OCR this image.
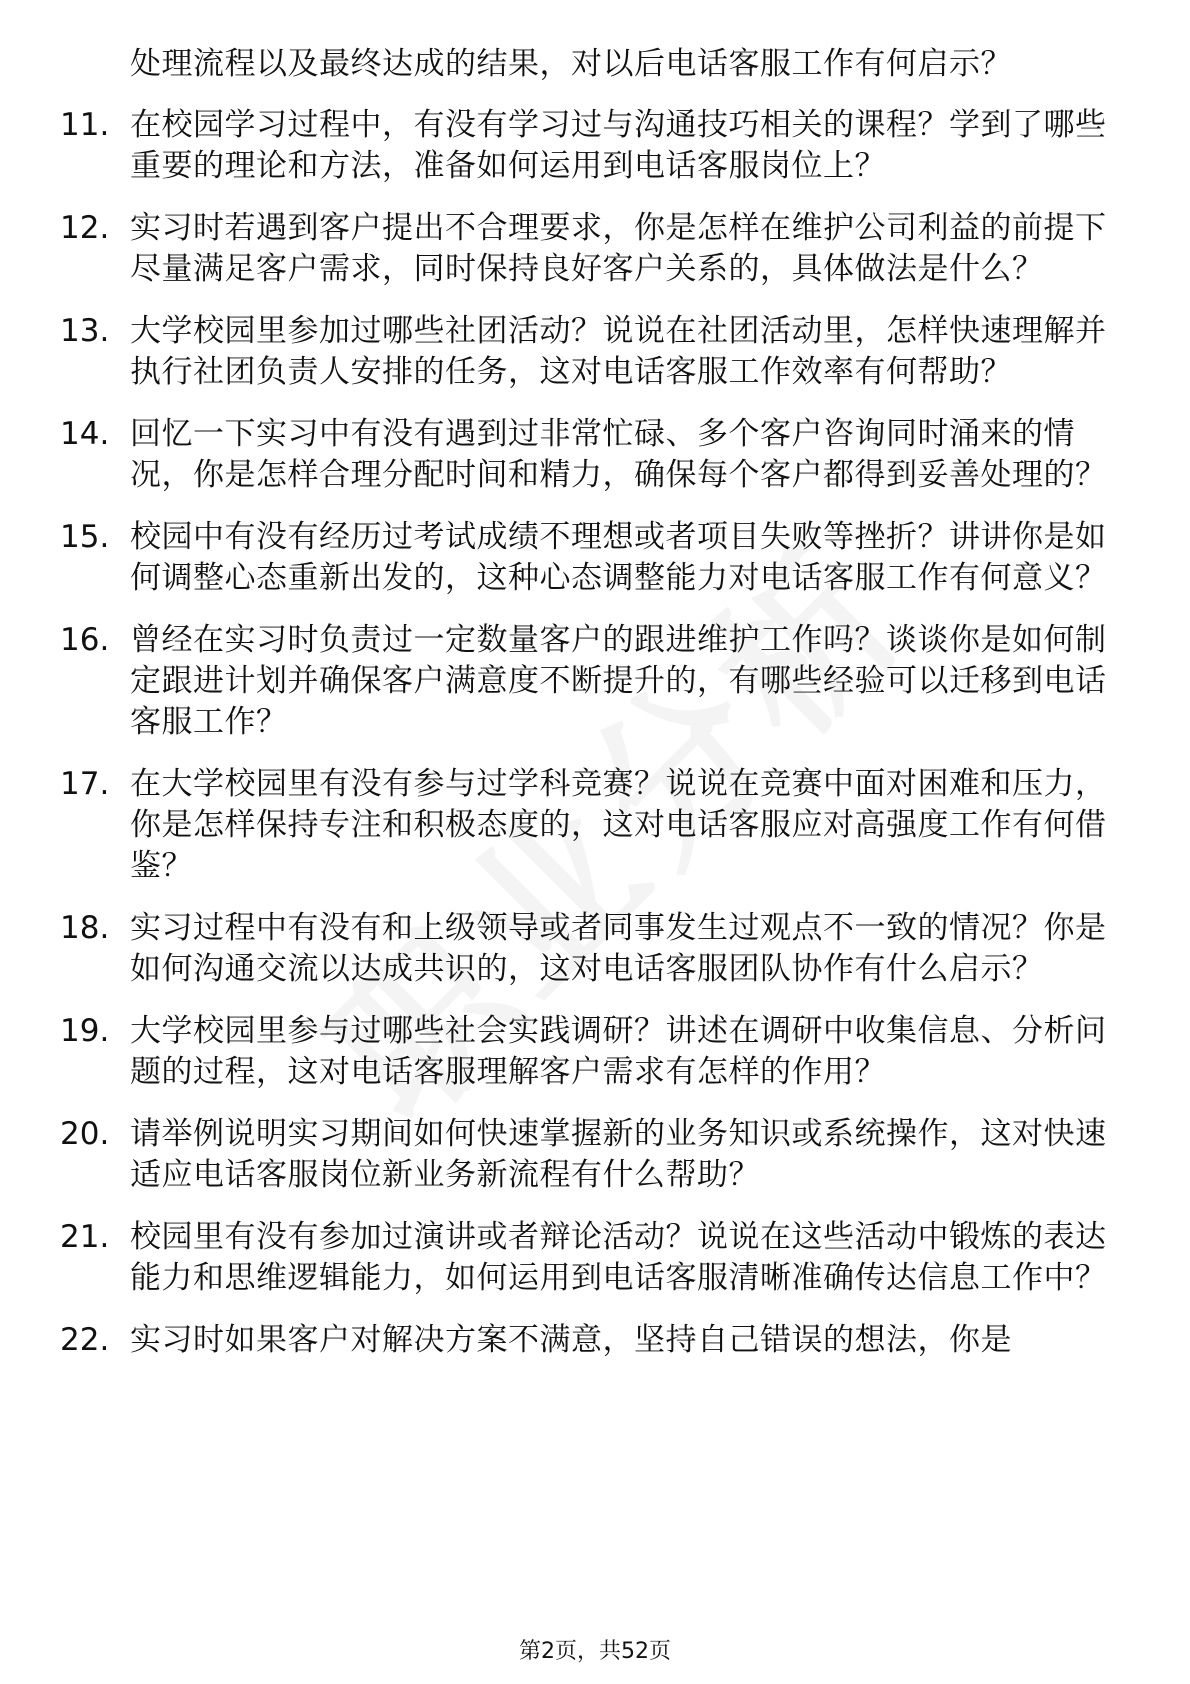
处理流程以及最终达成的结果，对以后电话客服工作有何启示？
11. 在校园学习过程中，有没有学习过与沟通技巧相关的课程？学到了哪些重要的理论和方法，准备如何运用到电话客服岗位上？
12. 实习时若遇到客户提出不合理要求，你是怎样在维护公司利益的前提下尽量满足客户需求，同时保持良好客户关系的，具体做法是什么？
13. 大学校园里参加过哪些社团活动？说说在社团活动里，怎样快速理解并执行社团负责人安排的任务，这对电话客服工作效率有何帮助？
14. 回忆一下实习中有没有遇到过非常忙碌、多个客户咨询同时涌来的情况，你是怎样合理分配时间和精力，确保每个客户都得到妥善处理的？
15. 校园中有没有经历过考试成绩不理想或者项目失败等挫折？讲讲你是如何调整心态重新出发的，这种心态调整能力对电话客服工作有何意义？
16. 曾经在实习时负责过一定数量客户的跟进维护工作吗？谈谈你是如何制定跟进计划并确保客户满意度不断提升的，有哪些经验可以迁移到电话客服工作？
17. 在大学校园里有没有参与过学科竞赛？说说在竞赛中面对困难和压力，你是怎样保持专注和积极态度的，这对电话客服应对高强度工作有何借鉴？
18. 实习过程中有没有和上级领导或者同事发生过观点不一致的情况？你是如何沟通交流以达成共识的，这对电话客服团队协作有什么启示？
19. 大学校园里参与过哪些社会实践调研？讲述在调研中收集信息、分析问题的过程，这对电话客服理解客户需求有怎样的作用？
20. 请举例说明实习期间如何快速掌握新的业务知识或系统操作，这对快速适应电话客服岗位新业务新流程有什么帮助？
21. 校园里有没有参加过演讲或者辩论活动？说说在这些活动中锻炼的表达能力和思维逻辑能力，如何运用到电话客服清晰准确传达信息工作中？
22. 实习时如果客户对解决方案不满意，坚持自己错误的想法，你是
第2页，共52页
